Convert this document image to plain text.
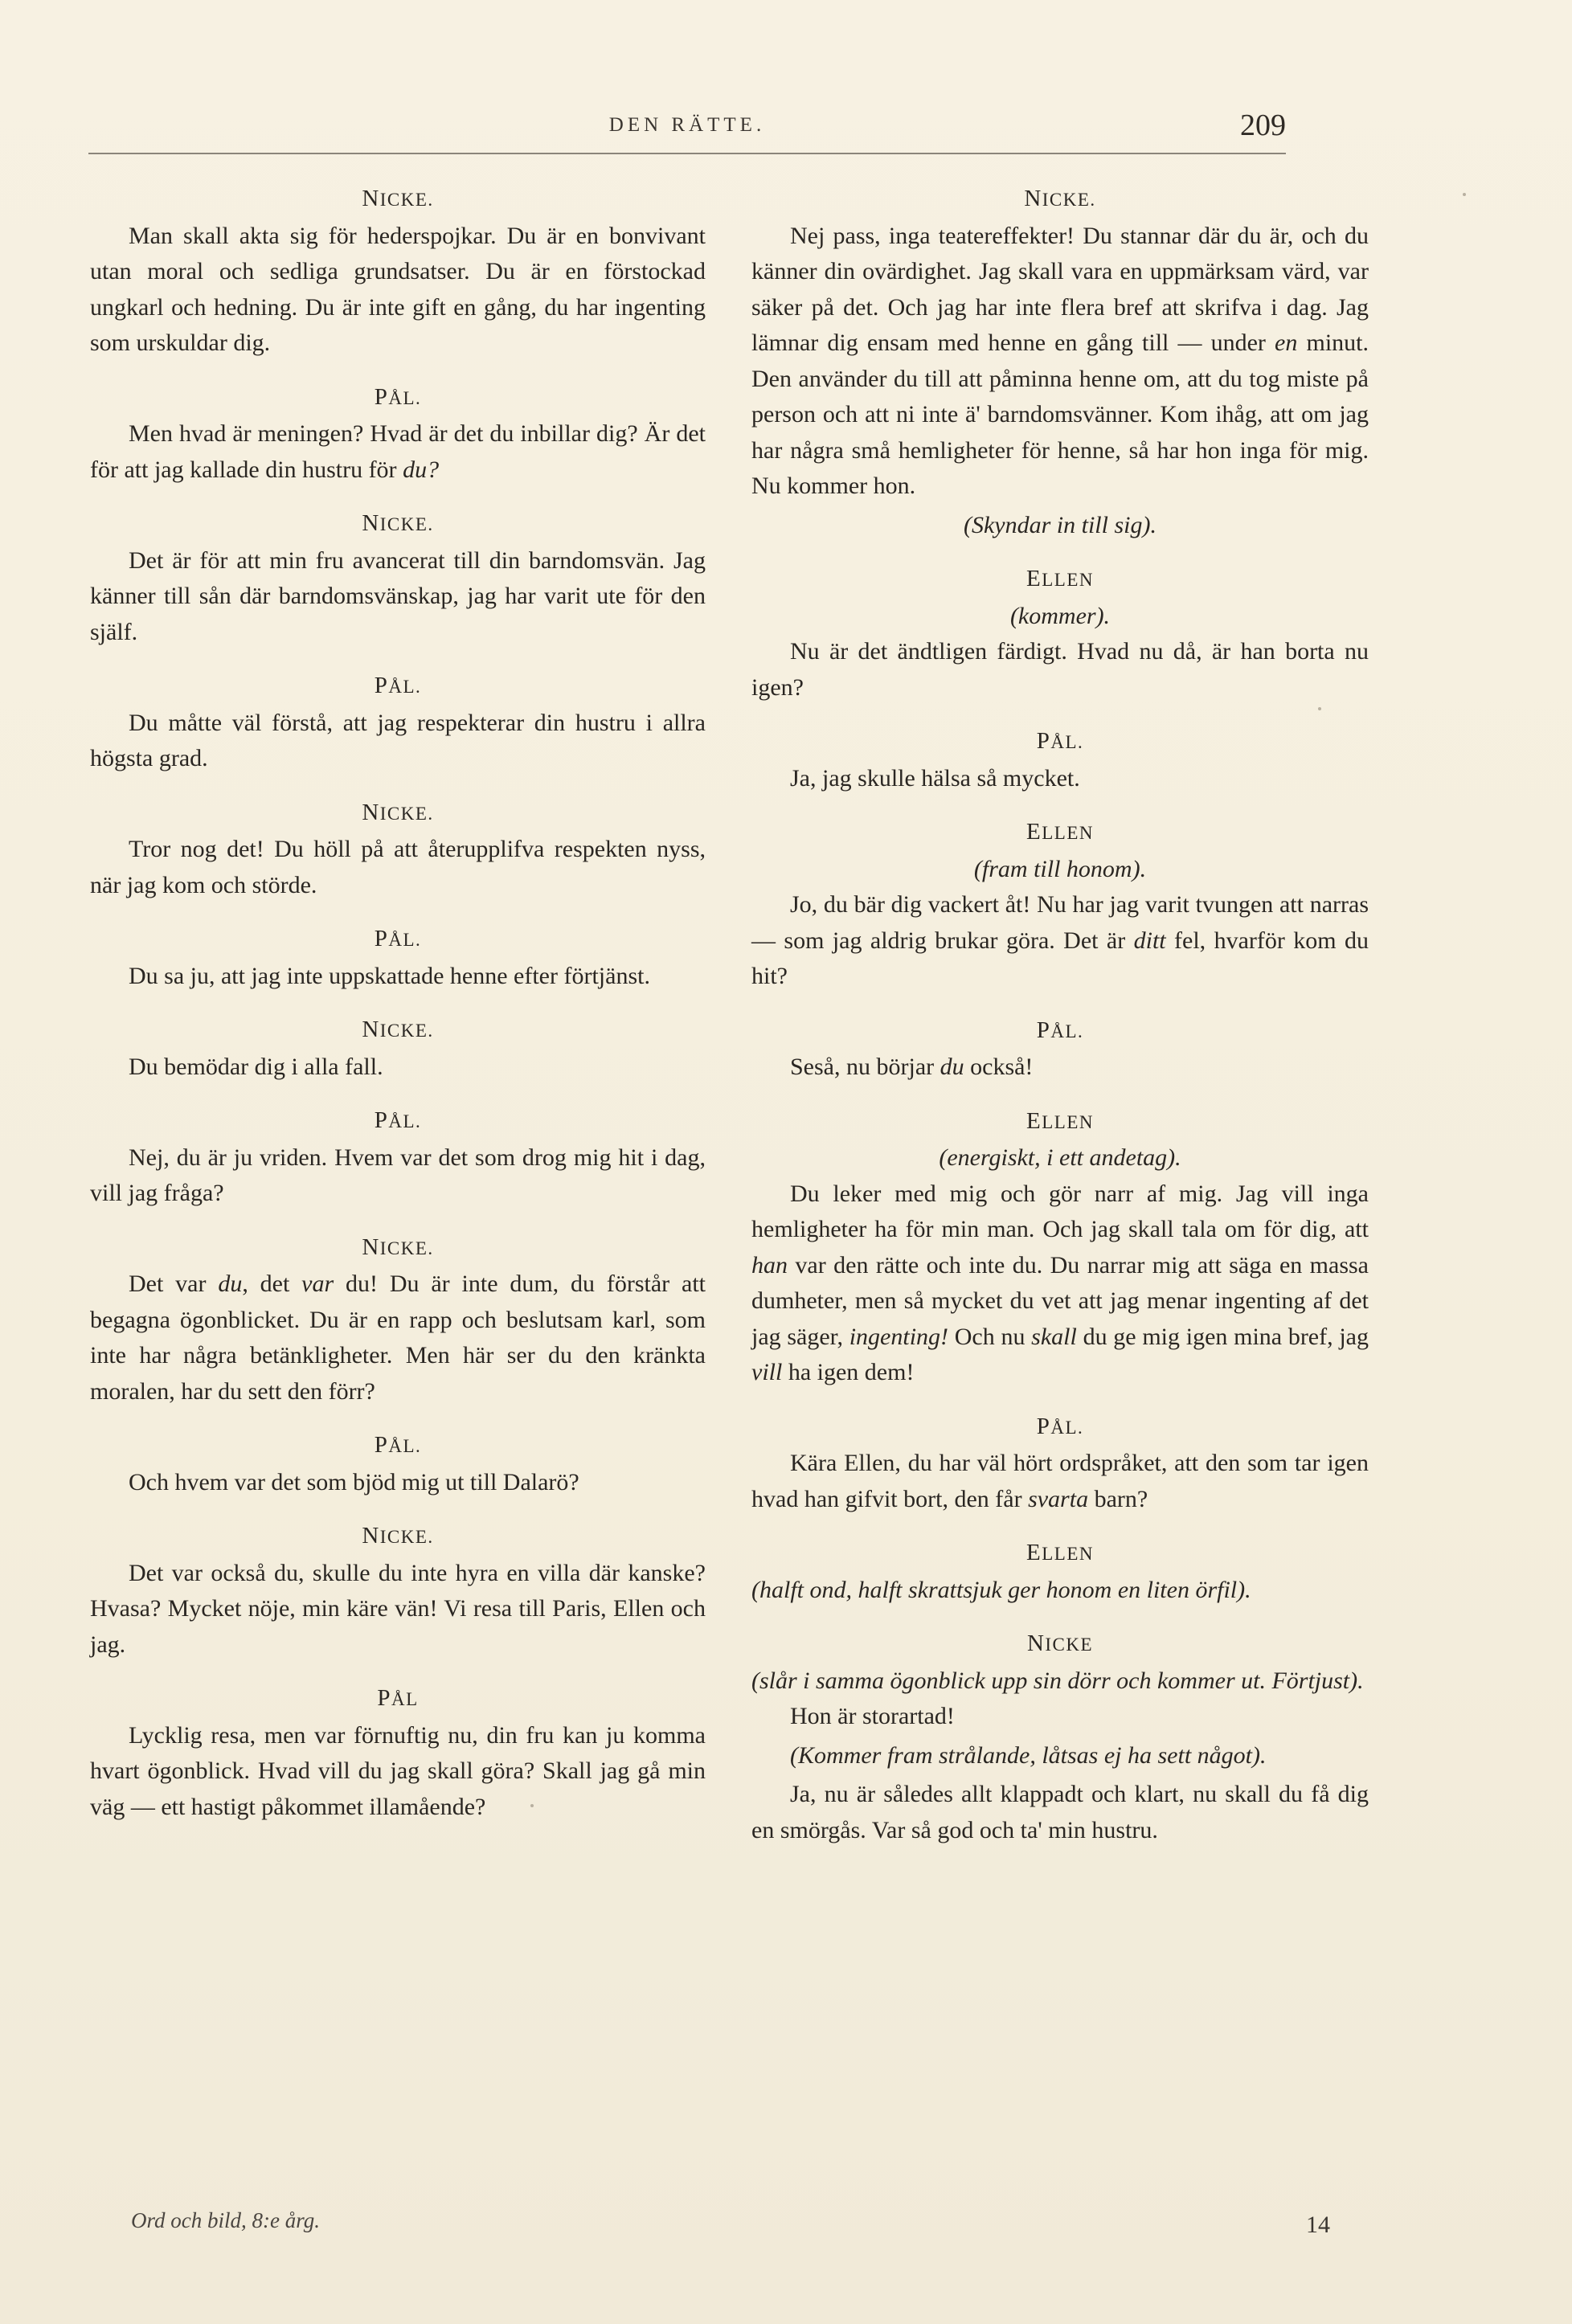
DEN RÄTTE.	209

NICKE.

Man skall akta sig för hederspojkar. Du är en bonvivant utan moral och sedliga grundsatser. Du är en förstockad ungkarl och hedning. Du är inte gift en gång, du har ingenting som urskuldar dig.

PÅL.

Men hvad är meningen? Hvad är det du inbillar dig? Är det för att jag kallade din hustru för du?

NICKE.

Det är för att min fru avancerat till din barndomsvän. Jag känner till sån där barndomsvänskap, jag har varit ute för den själf.

PÅL.

Du måtte väl förstå, att jag respekterar din hustru i allra högsta grad.

NICKE.

Tror nog det! Du höll på att återupplifva respekten nyss, när jag kom och störde.

PÅL.

Du sa ju, att jag inte uppskattade henne efter förtjänst.

NICKE.

Du bemödar dig i alla fall.

PÅL.

Nej, du är ju vriden. Hvem var det som drog mig hit i dag, vill jag fråga?

NICKE.

Det var du, det var du! Du är inte dum, du förstår att begagna ögonblicket. Du är en rapp och beslutsam karl, som inte har några betänkligheter. Men här ser du den kränkta moralen, har du sett den förr?

PÅL.

Och hvem var det som bjöd mig ut till Dalarö?

NICKE.

Det var också du, skulle du inte hyra en villa där kanske? Hvasa? Mycket nöje, min käre vän! Vi resa till Paris, Ellen och jag.

PÅL

Lycklig resa, men var förnuftig nu, din fru kan ju komma hvart ögonblick. Hvad vill du jag skall göra? Skall jag gå min väg — ett hastigt påkommet illamående?

NICKE.

Nej pass, inga teatereffekter! Du stannar där du är, och du känner din ovärdighet. Jag skall vara en uppmärksam värd, var säker på det. Och jag har inte flera bref att skrifva i dag. Jag lämnar dig ensam med henne en gång till — under en minut. Den använder du till att påminna henne om, att du tog miste på person och att ni inte ä' barndomsvänner. Kom ihåg, att om jag har några små hemligheter för henne, så har hon inga för mig. Nu kommer hon.

(Skyndar in till sig).

ELLEN

(kommer).

Nu är det ändtligen färdigt. Hvad nu då, är han borta nu igen?

PÅL.

Ja, jag skulle hälsa så mycket.

ELLEN

(fram till honom).

Jo, du bär dig vackert åt! Nu har jag varit tvungen att narras — som jag aldrig brukar göra. Det är ditt fel, hvarför kom du hit?

PÅL.

Seså, nu börjar du också!

ELLEN

(energiskt, i ett andetag).

Du leker med mig och gör narr af mig. Jag vill inga hemligheter ha för min man. Och jag skall tala om för dig, att han var den rätte och inte du. Du narrar mig att säga en massa dumheter, men så mycket du vet att jag menar ingenting af det jag säger, ingenting! Och nu skall du ge mig igen mina bref, jag vill ha igen dem!

PÅL.

Kära Ellen, du har väl hört ordspråket, att den som tar igen hvad han gifvit bort, den får svarta barn?

ELLEN

(halft ond, halft skrattsjuk ger honom en liten örfil).

NICKE

(slår i samma ögonblick upp sin dörr och kommer ut. Förtjust).

Hon är storartad!

(Kommer fram strålande, låtsas ej ha sett något).

Ja, nu är således allt klappadt och klart, nu skall du få dig en smörgås. Var så god och ta' min hustru.

Ord och bild, 8:e årg.	14
